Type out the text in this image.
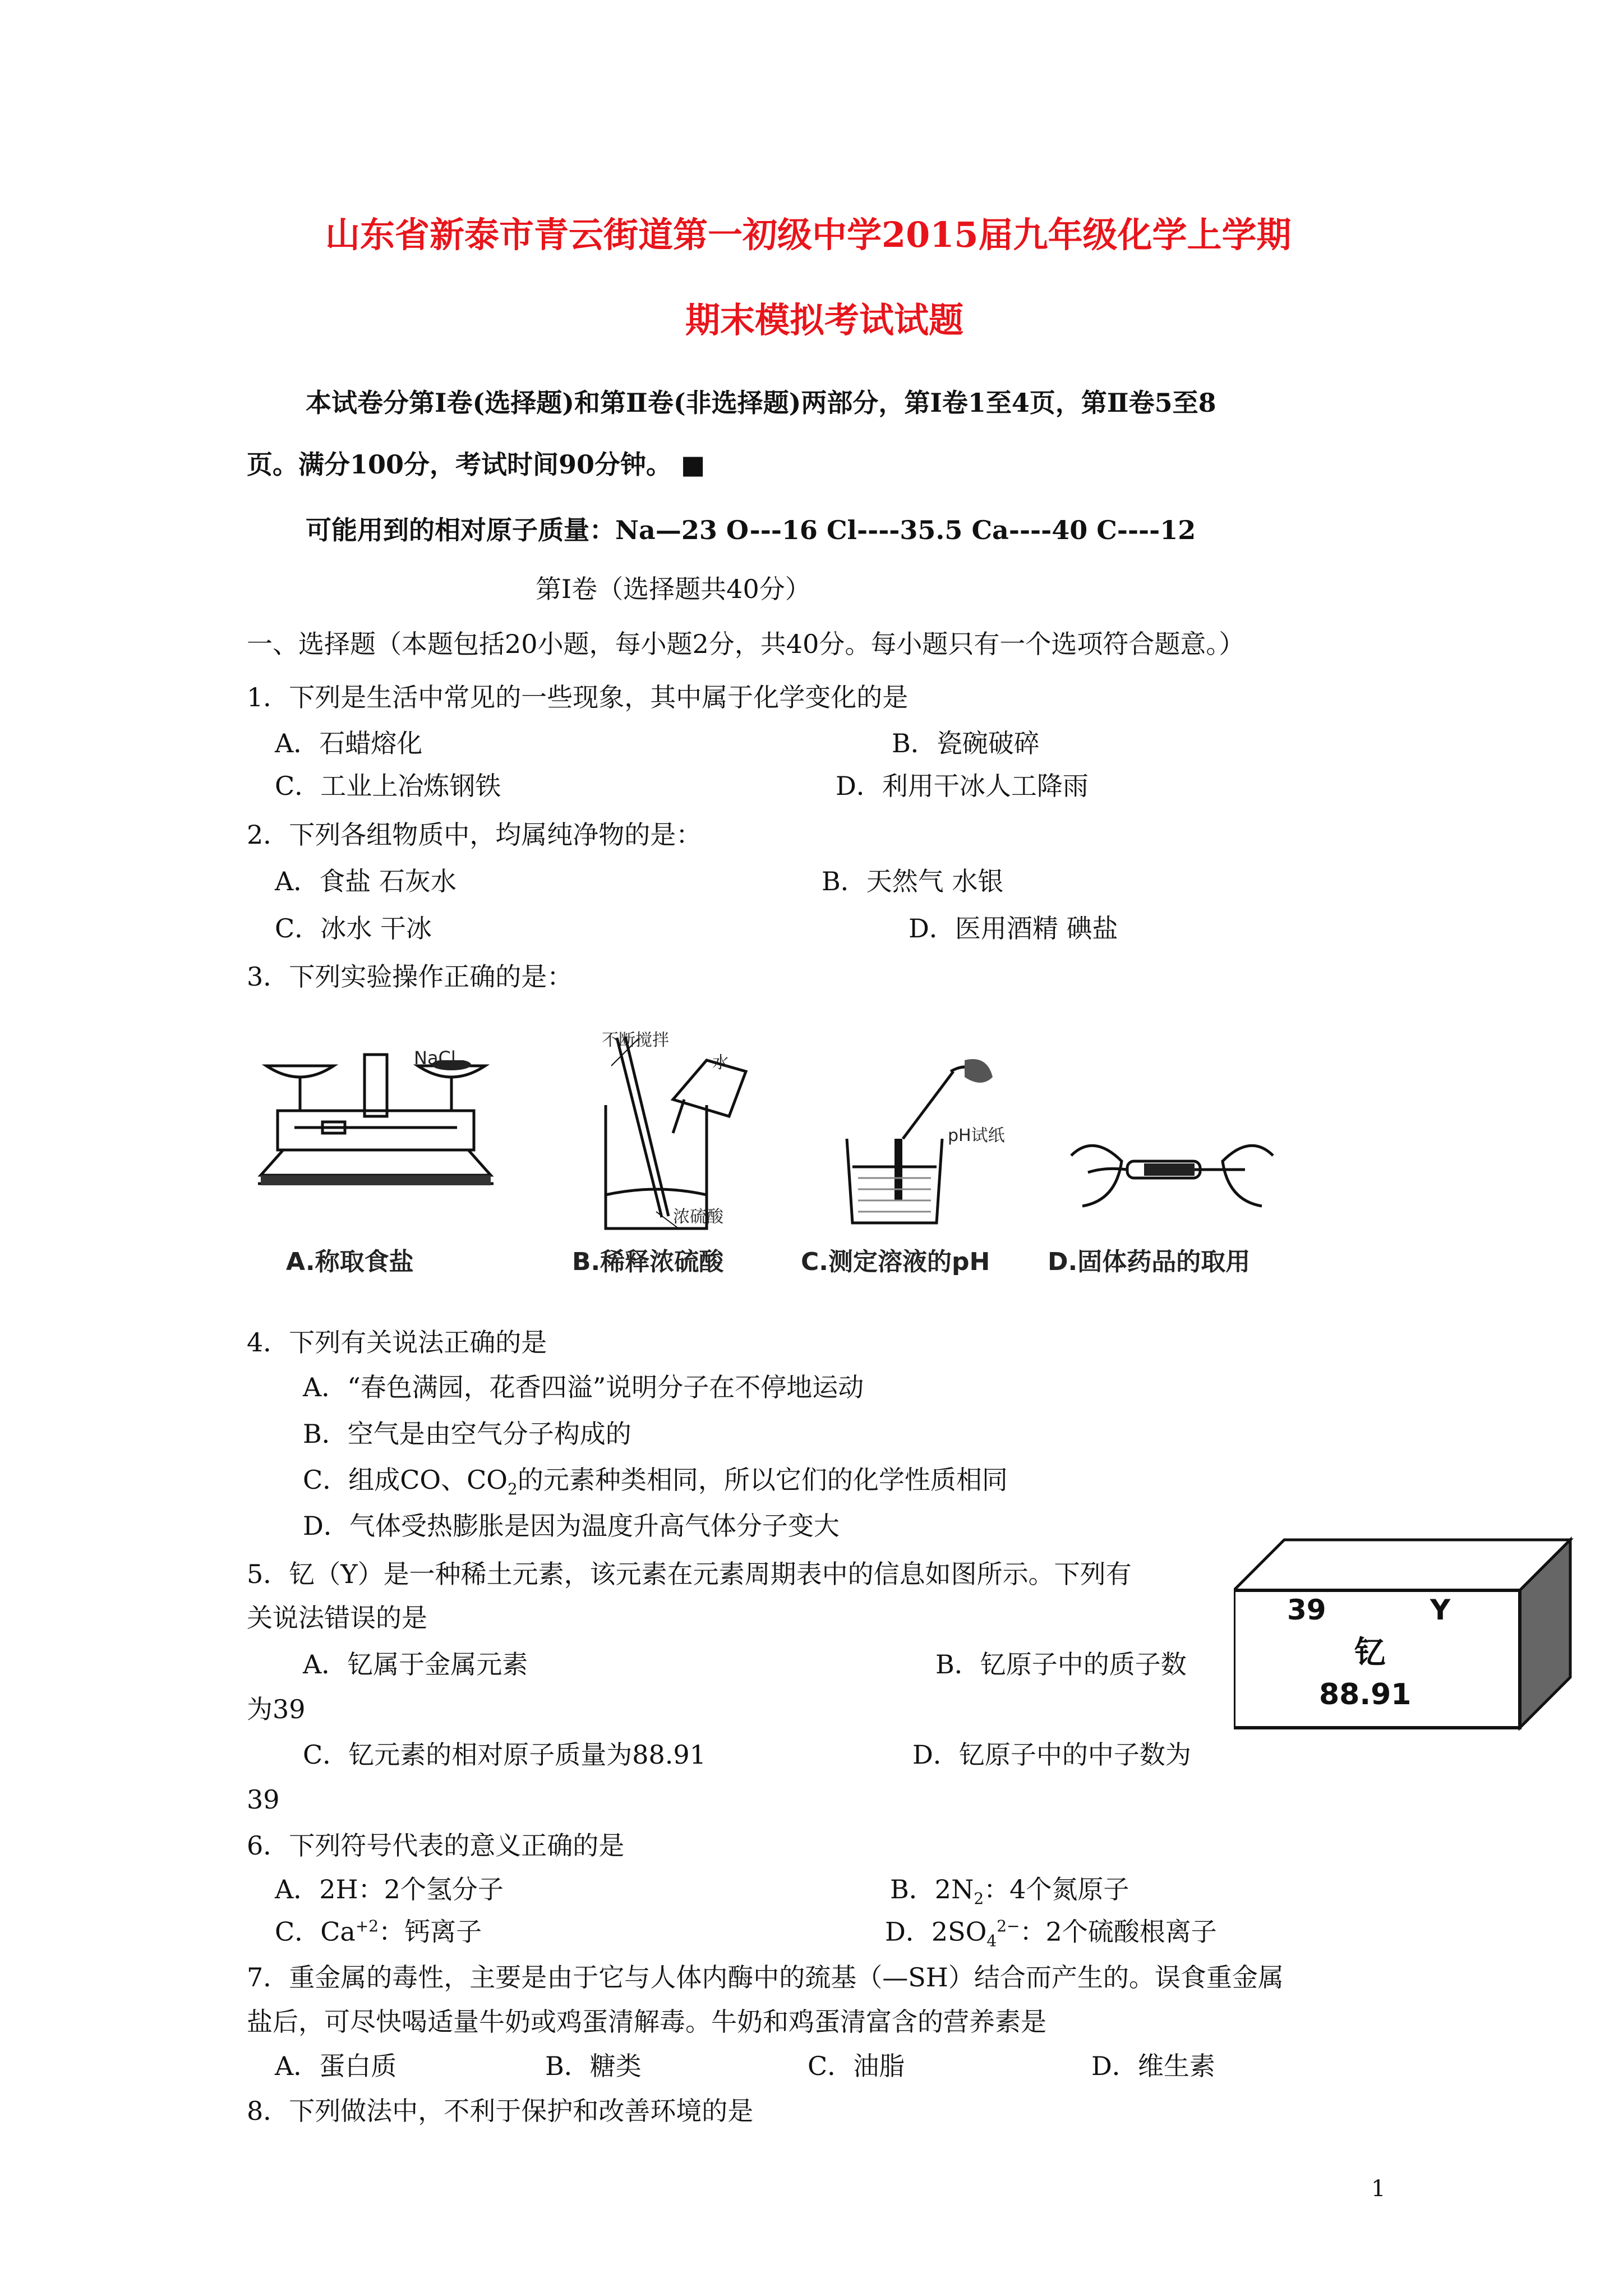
山东省新泰市青云街道第一初级中学2015届九年级化学上学期
期末模拟考试试题
本试卷分第Ⅰ卷(选择题)和第Ⅱ卷(非选择题)两部分，第Ⅰ卷1至4页，第Ⅱ卷5至8
页。满分100分，考试时间90分钟。 ■
可能用到的相对原子质量：Na—23 O---16 Cl----35.5 Ca----40 C----12
第Ⅰ卷（选择题共40分）
一、选择题（本题包括20小题，每小题2分，共40分。每小题只有一个选项符合题意。）
1．下列是生活中常见的一些现象，其中属于化学变化的是
A．石蜡熔化	B．瓷碗破碎
C．工业上冶炼钢铁	D．利用干冰人工降雨
2．下列各组物质中，均属纯净物的是：
A．食盐 石灰水	B．天然气 水银
C．冰水 干冰	D．医用酒精 碘盐
3．下列实验操作正确的是：
NaCl
不断搅拌
水
浓硫酸
pH试纸
A.称取食盐	B.稀释浓硫酸	C.测定溶液的pH D.固体药品的取用
4．下列有关说法正确的是
A．“春色满园，花香四溢”说明分子在不停地运动
B．空气是由空气分子构成的
C．组成CO、$CO_2$的元素种类相同，所以它们的化学性质相同
D．气体受热膨胀是因为温度升高气体分子变大
5．钇（Y）是一种稀土元素，该元素在元素周期表中的信息如图所示。下列有
关说法错误的是
A．钇属于金属元素	B．钇原子中的质子数
为39
C．钇元素的相对原子质量为88.91	D．钇原子中的中子数为
39
39	Y
钇
88.91
6．下列符号代表的意义正确的是
A．2H：2个氢分子	B．$2N_2$：4个氮原子
C．$Ca^{+2}$：钙离子	D．$2SO_4^{2-}$：2个硫酸根离子
7．重金属的毒性，主要是由于它与人体内酶中的巯基（—SH）结合而产生的。误食重金属
盐后，可尽快喝适量牛奶或鸡蛋清解毒。牛奶和鸡蛋清富含的营养素是
A．蛋白质	B．糖类	C．油脂	D．维生素
8．下列做法中，不利于保护和改善环境的是
1
